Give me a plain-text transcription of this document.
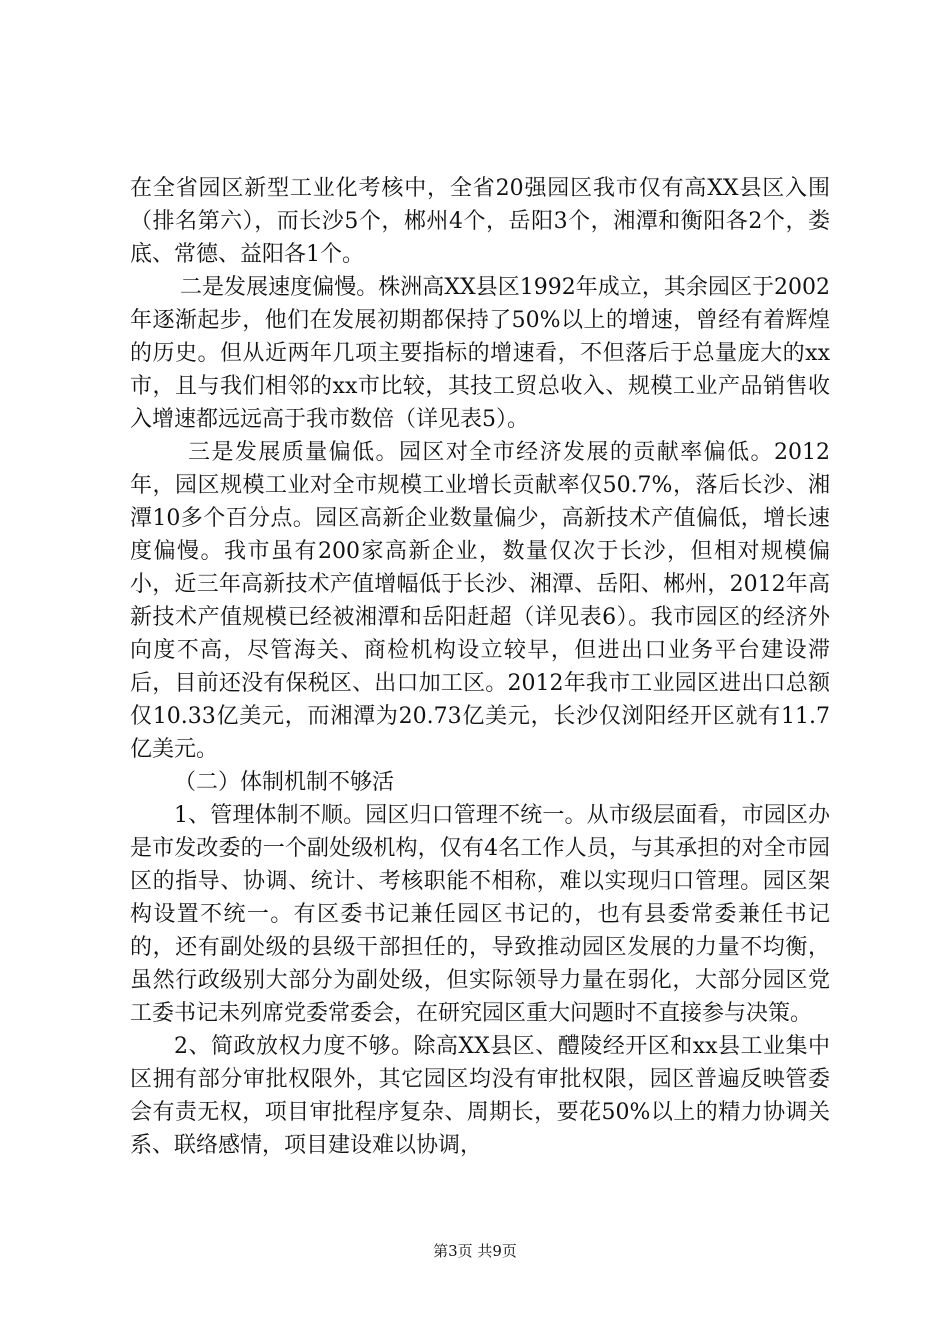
在全省园区新型工业化考核中，全省20强园区我市仅有高XX县区入围（排名第六），而长沙5个，郴州4个，岳阳3个，湘潭和衡阳各2个，娄底、常德、益阳各1个。

二是发展速度偏慢。株洲高XX县区1992年成立，其余园区于2002年逐渐起步，他们在发展初期都保持了50%以上的增速，曾经有着辉煌的历史。但从近两年几项主要指标的增速看，不但落后于总量庞大的xx市，且与我们相邻的xx市比较，其技工贸总收入、规模工业产品销售收入增速都远远高于我市数倍（详见表5）。

三是发展质量偏低。园区对全市经济发展的贡献率偏低。2012年，园区规模工业对全市规模工业增长贡献率仅50.7%，落后长沙、湘潭10多个百分点。园区高新企业数量偏少，高新技术产值偏低，增长速度偏慢。我市虽有200家高新企业，数量仅次于长沙，但相对规模偏小，近三年高新技术产值增幅低于长沙、湘潭、岳阳、郴州，2012年高新技术产值规模已经被湘潭和岳阳赶超（详见表6）。我市园区的经济外向度不高，尽管海关、商检机构设立较早，但进出口业务平台建设滞后，目前还没有保税区、出口加工区。2012年我市工业园区进出口总额仅10.33亿美元，而湘潭为20.73亿美元，长沙仅浏阳经开区就有11.7亿美元。

（二）体制机制不够活

1、管理体制不顺。园区归口管理不统一。从市级层面看，市园区办是市发改委的一个副处级机构，仅有4名工作人员，与其承担的对全市园区的指导、协调、统计、考核职能不相称，难以实现归口管理。园区架构设置不统一。有区委书记兼任园区书记的，也有县委常委兼任书记的，还有副处级的县级干部担任的，导致推动园区发展的力量不均衡，虽然行政级别大部分为副处级，但实际领导力量在弱化，大部分园区党工委书记未列席党委常委会，在研究园区重大问题时不直接参与决策。

2、简政放权力度不够。除高XX县区、醴陵经开区和xx县工业集中区拥有部分审批权限外，其它园区均没有审批权限，园区普遍反映管委会有责无权，项目审批程序复杂、周期长，要花50%以上的精力协调关系、联络感情，项目建设难以协调，

第3页 共9页
